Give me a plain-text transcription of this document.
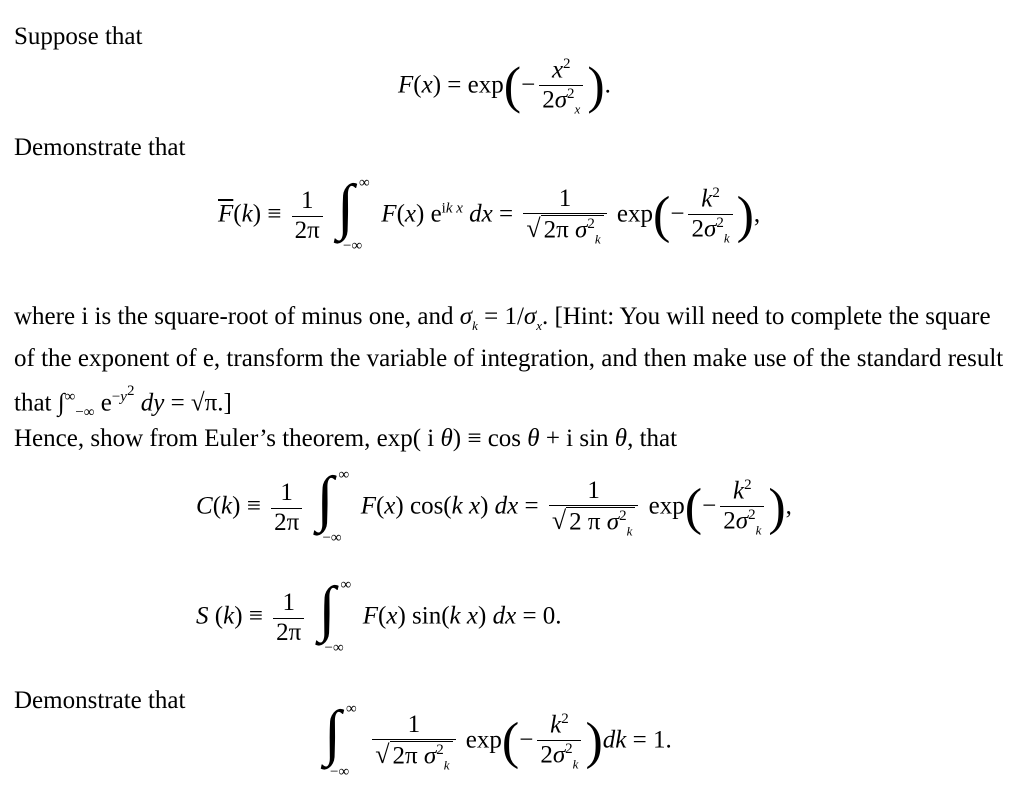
Suppose that

$F(x) = \exp(- \frac{x^2}{2\sigma^2_x}$ ).

Demonstrate that

$\overline{F}(k) \equiv \frac{1}{2\pi}$
∫ ∞
−∞
F(x) $e^{ik x}$ dx = $\frac{1}{√ 2\pi \sigma^2_k} \exp(- \frac{k^2}{2\sigma^2_k}$ ),

where i is the square-root of minus one, and $\sigma_k = 1/\sigma_x$. [Hint: You will need to complete the square of the exponent of e, transform the variable of integration, and then make use of the standard result that $\int^\infty_{-\infty}$ $e^{-y^2}$ dy = √π.]

Hence, show from Euler’s theorem, exp( i θ) ≡ cos θ + i sin θ, that

$C(k) \equiv \frac{1}{2\pi}$
∫ ∞
−∞
F(x) cos(k x) dx = $\frac{1}{√ 2 \pi \sigma^2_k} \exp(- \frac{k^2}{2\sigma^2_k}$ ),
S $(k) \equiv \frac{1}{2\pi}$
∫ ∞
−∞
F(x) sin(k x) dx = 0.

Demonstrate that	∫ ∞
−∞
$\frac{1}{√ 2\pi \sigma^2_k} \exp(- \frac{k^2}{2\sigma^2_k} )dk = 1$.
